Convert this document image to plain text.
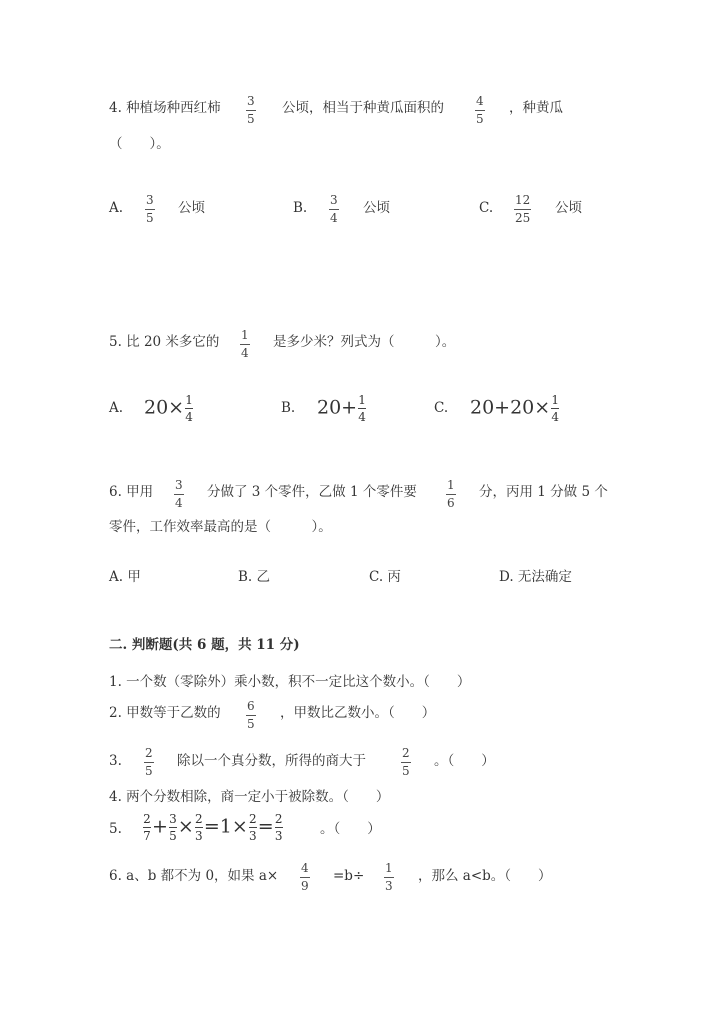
4. 种植场种西红柿 3
5
公顷，相当于种黄瓜面积的	4
5
，种黄瓜
（　　）。
A. 3
5
公顷	B. 3
4
公顷	C. 12
25
公顷
5. 比 20 米多它的 1
4
是多少米？列式为（　　　）。
A. $20\times \frac{1}{4}$	B. $20+ \frac{1}{4}$	C. $20+20\times \frac{1}{4}$
6. 甲用 3
4
分做了 3 个零件，乙做 1 个零件要	1
6
分，丙用 1 分做 5 个
零件，工作效率最高的是（　　　）。
A. 甲	B. 乙	C. 丙	D. 无法确定
二. 判断题(共 6 题，共 11 分)
1. 一个数（零除外）乘小数，积不一定比这个数小。（　　）
2. 甲数等于乙数的 6
5
，甲数比乙数小。（　　）
3. 2
5
除以一个真分数，所得的商大于	2
5
。（　　）
4. 两个分数相除，商一定小于被除数。（　　）
5. $\frac{2}{7} + \frac{3}{5} \times \frac{2}{3} =1\times \frac{2}{3} = \frac{2}{3}$	。（　　）
6. a、b 都不为 0，如果 a× 4
9
=b÷ 1
3
，那么 a<b。（　　）
